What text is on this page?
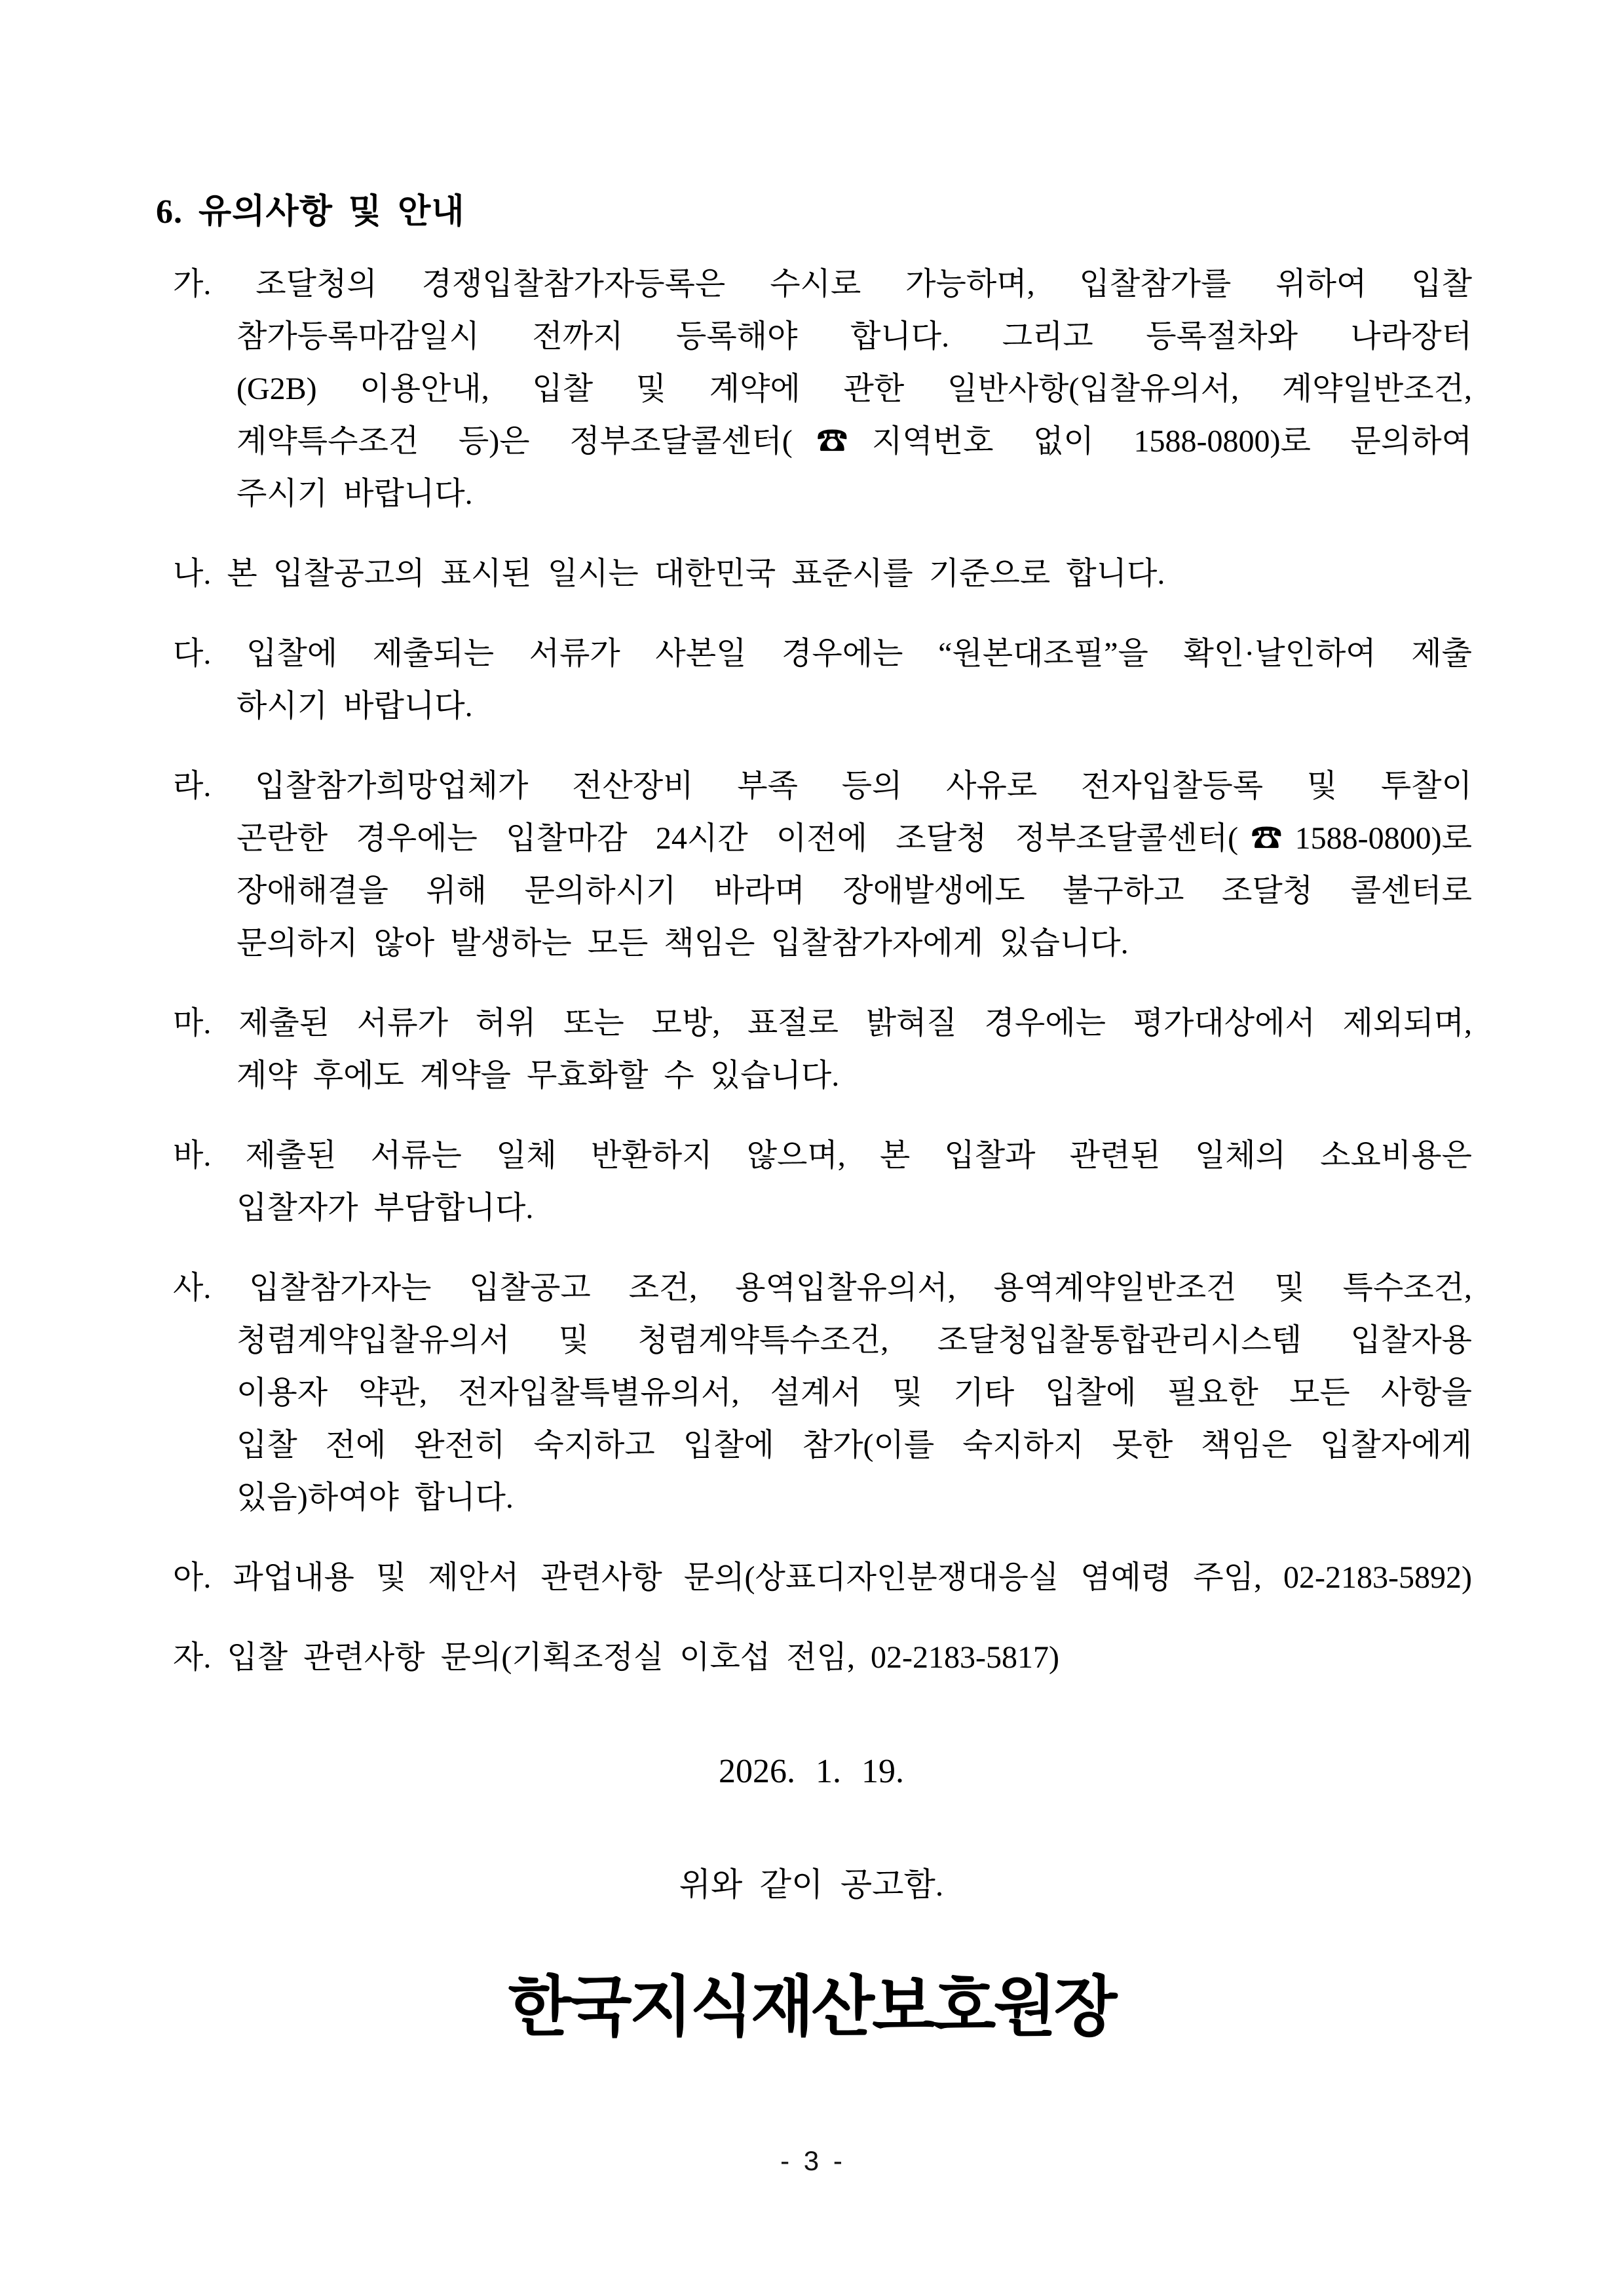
6. 유의사항 및 안내
가. 조달청의 경쟁입찰참가자등록은 수시로 가능하며, 입찰참가를 위하여 입찰
참가등록마감일시 전까지 등록해야 합니다. 그리고 등록절차와 나라장터
(G2B) 이용안내, 입찰 및 계약에 관한 일반사항(입찰유의서, 계약일반조건,
계약특수조건 등)은 정부조달콜센터(☎지역번호 없이 1588-0800)로 문의하여
주시기 바랍니다.
나. 본 입찰공고의 표시된 일시는 대한민국 표준시를 기준으로 합니다.
다. 입찰에 제출되는 서류가 사본일 경우에는 “원본대조필”을 확인·날인하여 제출
하시기 바랍니다.
라. 입찰참가희망업체가 전산장비 부족 등의 사유로 전자입찰등록 및 투찰이
곤란한 경우에는 입찰마감 24시간 이전에 조달청 정부조달콜센터(☎1588-0800)로
장애해결을 위해 문의하시기 바라며 장애발생에도 불구하고 조달청 콜센터로
문의하지 않아 발생하는 모든 책임은 입찰참가자에게 있습니다.
마. 제출된 서류가 허위 또는 모방, 표절로 밝혀질 경우에는 평가대상에서 제외되며,
계약 후에도 계약을 무효화할 수 있습니다.
바. 제출된 서류는 일체 반환하지 않으며, 본 입찰과 관련된 일체의 소요비용은
입찰자가 부담합니다.
사. 입찰참가자는 입찰공고 조건, 용역입찰유의서, 용역계약일반조건 및 특수조건,
청렴계약입찰유의서 및 청렴계약특수조건, 조달청입찰통합관리시스템 입찰자용
이용자 약관, 전자입찰특별유의서, 설계서 및 기타 입찰에 필요한 모든 사항을
입찰 전에 완전히 숙지하고 입찰에 참가(이를 숙지하지 못한 책임은 입찰자에게
있음)하여야 합니다.
아. 과업내용 및 제안서 관련사항 문의(상표디자인분쟁대응실 염예령 주임, 02-2183-5892)
자. 입찰 관련사항 문의(기획조정실 이호섭 전임, 02-2183-5817)
2026. 1. 19.
위와 같이 공고함.
한국지식재산보호원장
- 3 -
